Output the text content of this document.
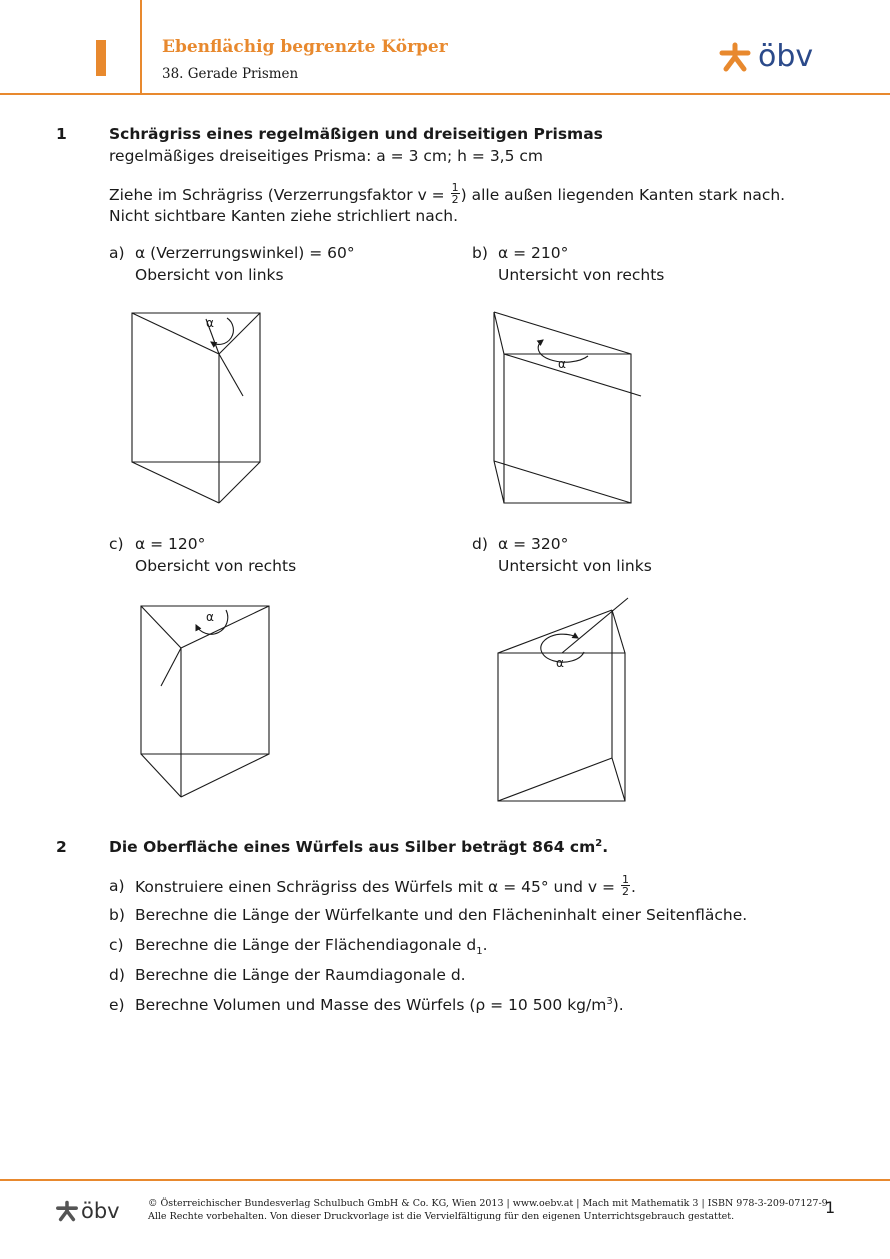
Ebenflächig begrenzte Körper
38. Gerade Prismen	öbv
1	Schrägriss eines regelmäßigen und dreiseitigen Prismas
regelmäßiges dreiseitiges Prisma: a = 3 cm; h = 3,5 cm
Ziehe im Schrägriss (Verzerrungsfaktor $v = \frac{1}{2}$ ) alle außen liegenden Kanten stark nach.
Nicht sichtbare Kanten ziehe strichliert nach.
a) α (Verzerrungswinkel) = 60°
Obersicht von links
b) α = 210°
Untersicht von rechts
c) α = 120°
Obersicht von rechts
d) α = 320°
Untersicht von links
α
α
α
α
2	Die Oberfläche eines Würfels aus Silber beträgt 864 $cm^2$.
a) Konstruiere einen Schrägriss des Würfels mit α = 45° und $v = \frac{1}{2}$ .
b) Berechne die Länge der Würfelkante und den Flächeninhalt einer Seitenfläche.
c) Berechne die Länge der Flächendiagonale $d_1$.
d) Berechne die Länge der Raumdiagonale d.
e) Berechne Volumen und Masse des Würfels (ρ = 10 500 $kg/m^3$).
öbv	© Österreichischer Bundesverlag Schulbuch GmbH & Co. KG, Wien 2013 | www.oebv.at | Mach mit Mathematik 3 | ISBN 978-3-209-07127-9
Alle Rechte vorbehalten. Von dieser Druckvorlage ist die Vervielfältigung für den eigenen Unterrichtsgebrauch gestattet.	1
